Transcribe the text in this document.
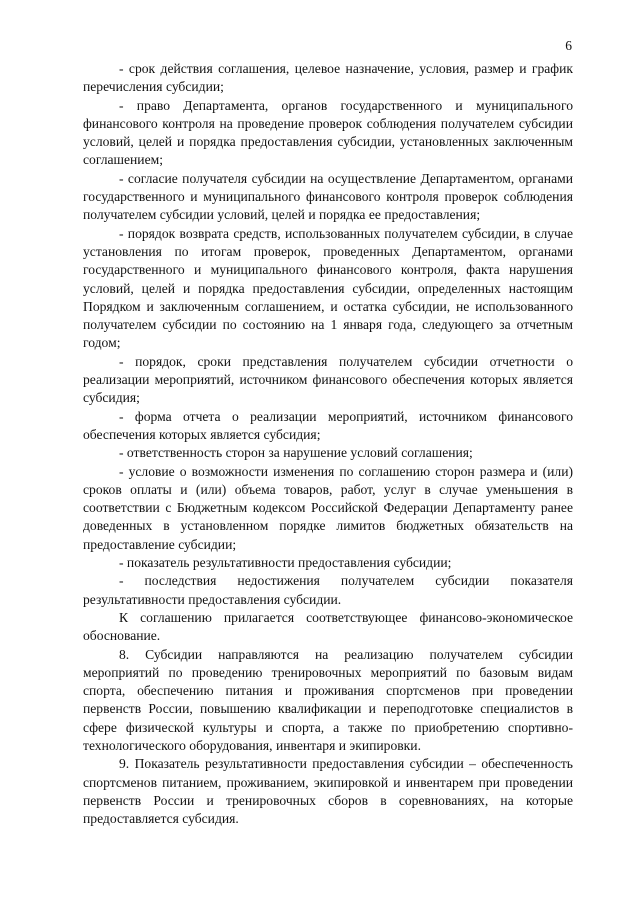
6

- срок действия соглашения, целевое назначение, условия, размер и график перечисления субсидии;

- право Департамента, органов государственного и муниципального финансового контроля на проведение проверок соблюдения получателем субсидии условий, целей и порядка предоставления субсидии, установленных заключенным соглашением;

- согласие получателя субсидии на осуществление Департаментом, органами государственного и муниципального финансового контроля проверок соблюдения получателем субсидии условий, целей и порядка ее предоставления;

- порядок возврата средств, использованных получателем субсидии, в случае установления по итогам проверок, проведенных Департаментом, органами государственного и муниципального финансового контроля, факта нарушения условий, целей и порядка предоставления субсидии, определенных настоящим Порядком и заключенным соглашением, и остатка субсидии, не использованного получателем субсидии по состоянию на 1 января года, следующего за отчетным годом;

- порядок, сроки представления получателем субсидии отчетности о реализации мероприятий, источником финансового обеспечения которых является субсидия;

- форма отчета о реализации мероприятий, источником финансового обеспечения которых является субсидия;

- ответственность сторон за нарушение условий соглашения;

- условие о возможности изменения по соглашению сторон размера и (или) сроков оплаты и (или) объема товаров, работ, услуг в случае уменьшения в соответствии с Бюджетным кодексом Российской Федерации Департаменту ранее доведенных в установленном порядке лимитов бюджетных обязательств на предоставление субсидии;

- показатель результативности предоставления субсидии;

- последствия недостижения получателем субсидии показателя результативности предоставления субсидии.

К соглашению прилагается соответствующее финансово-экономическое обоснование.

8. Субсидии направляются на реализацию получателем субсидии мероприятий по проведению тренировочных мероприятий по базовым видам спорта, обеспечению питания и проживания спортсменов при проведении первенств России, повышению квалификации и переподготовке специалистов в сфере физической культуры и спорта, а также по приобретению спортивно-технологического оборудования, инвентаря и экипировки.

9. Показатель результативности предоставления субсидии – обеспеченность спортсменов питанием, проживанием, экипировкой и инвентарем при проведении первенств России и тренировочных сборов в соревнованиях, на которые предоставляется субсидия.
